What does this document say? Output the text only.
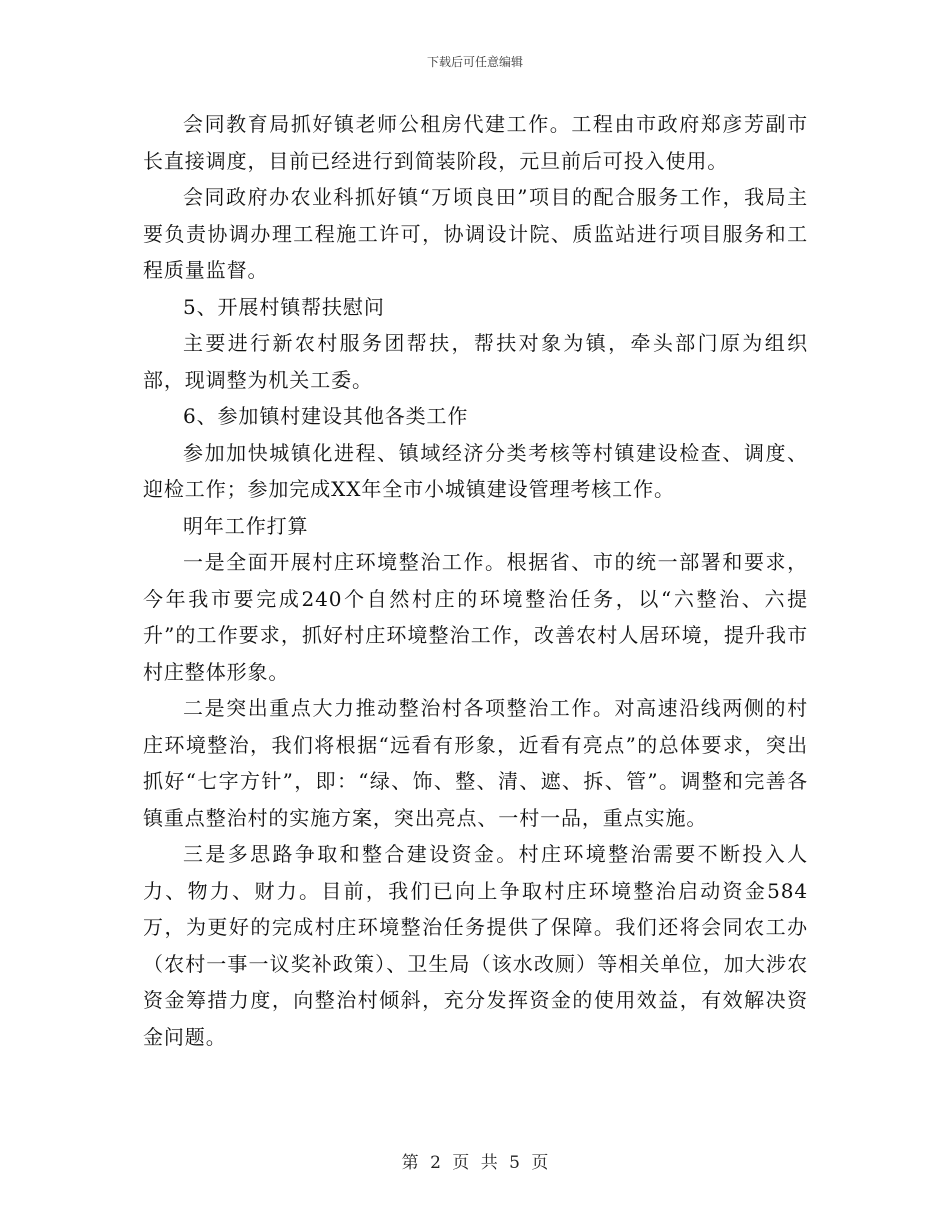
下载后可任意编辑

会同教育局抓好镇老师公租房代建工作。工程由市政府郑彦芳副市长直接调度，目前已经进行到简装阶段，元旦前后可投入使用。

会同政府办农业科抓好镇“万顷良田”项目的配合服务工作，我局主要负责协调办理工程施工许可，协调设计院、质监站进行项目服务和工程质量监督。

5、开展村镇帮扶慰问

主要进行新农村服务团帮扶，帮扶对象为镇，牵头部门原为组织部，现调整为机关工委。

6、参加镇村建设其他各类工作

参加加快城镇化进程、镇域经济分类考核等村镇建设检查、调度、迎检工作；参加完成XX年全市小城镇建设管理考核工作。

明年工作打算

一是全面开展村庄环境整治工作。根据省、市的统一部署和要求，今年我市要完成240个自然村庄的环境整治任务，以“六整治、六提升”的工作要求，抓好村庄环境整治工作，改善农村人居环境，提升我市村庄整体形象。

二是突出重点大力推动整治村各项整治工作。对高速沿线两侧的村庄环境整治，我们将根据“远看有形象，近看有亮点”的总体要求，突出抓好“七字方针”，即：“绿、饰、整、清、遮、拆、管”。调整和完善各镇重点整治村的实施方案，突出亮点、一村一品，重点实施。

三是多思路争取和整合建设资金。村庄环境整治需要不断投入人力、物力、财力。目前，我们已向上争取村庄环境整治启动资金584万，为更好的完成村庄环境整治任务提供了保障。我们还将会同农工办（农村一事一议奖补政策）、卫生局（该水改厕）等相关单位，加大涉农资金筹措力度，向整治村倾斜，充分发挥资金的使用效益，有效解决资金问题。

第 2 页 共 5 页
